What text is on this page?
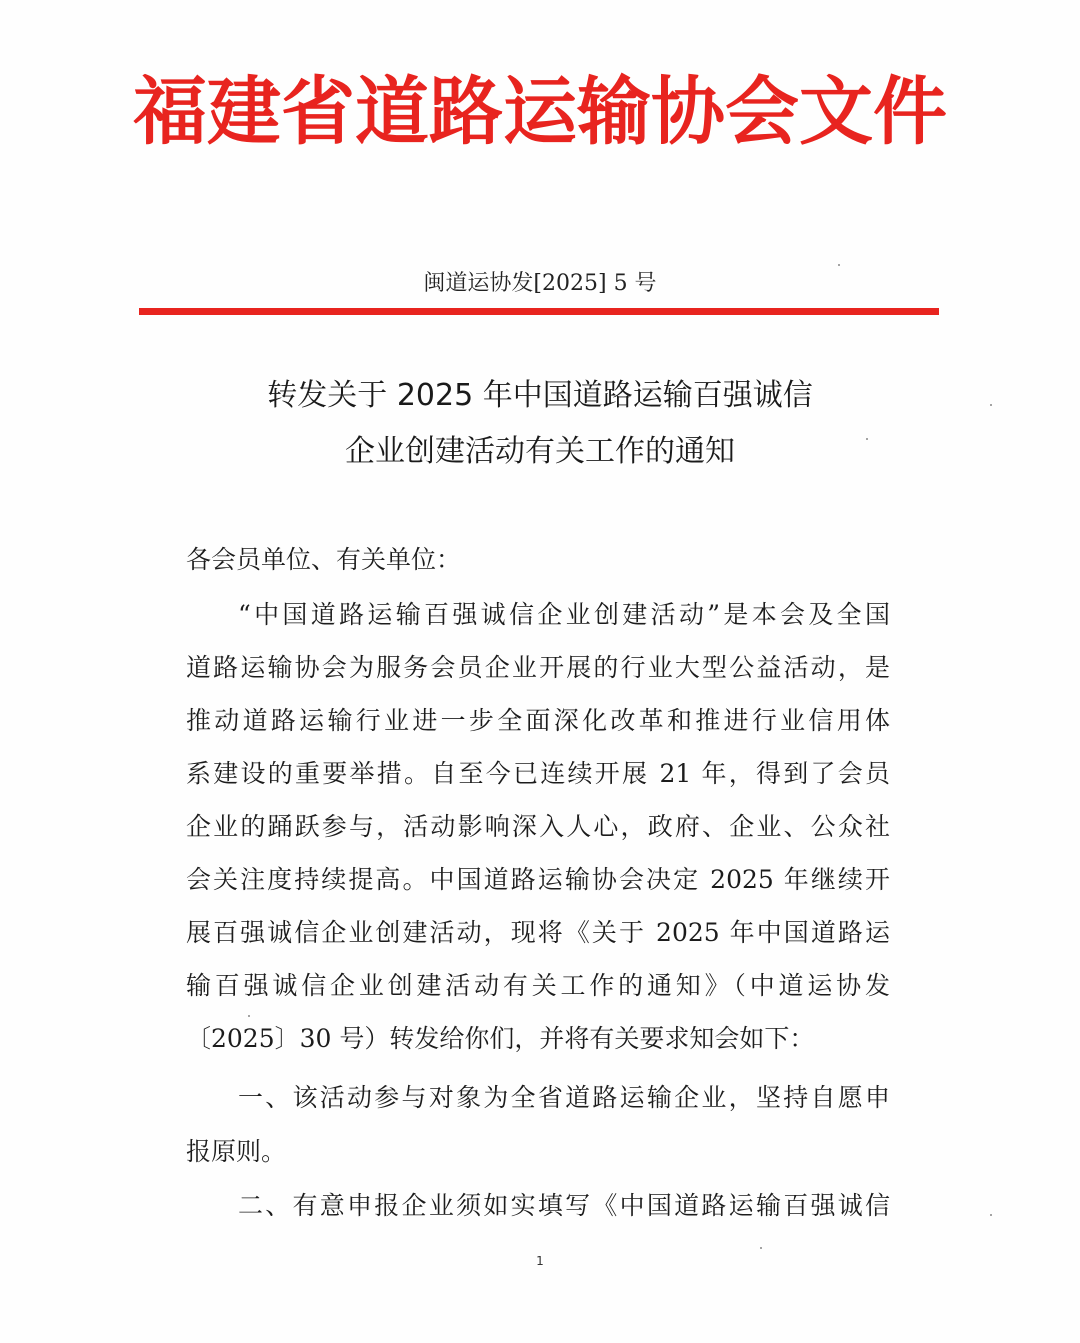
福建省道路运输协会文件
闽道运协发[2025] 5 号
转发关于 2025 年中国道路运输百强诚信
企业创建活动有关工作的通知
各会员单位、有关单位：
“中国道路运输百强诚信企业创建活动”是本会及全国
道路运输协会为服务会员企业开展的行业大型公益活动，是
推动道路运输行业进一步全面深化改革和推进行业信用体
系建设的重要举措。自至今已连续开展 21 年，得到了会员
企业的踊跃参与，活动影响深入人心，政府、企业、公众社
会关注度持续提高。中国道路运输协会决定 2025 年继续开
展百强诚信企业创建活动，现将《关于 2025 年中国道路运
输百强诚信企业创建活动有关工作的通知》（中道运协发
〔2025〕30 号）转发给你们，并将有关要求知会如下：
一、该活动参与对象为全省道路运输企业，坚持自愿申
报原则。
二、有意申报企业须如实填写《中国道路运输百强诚信
1
